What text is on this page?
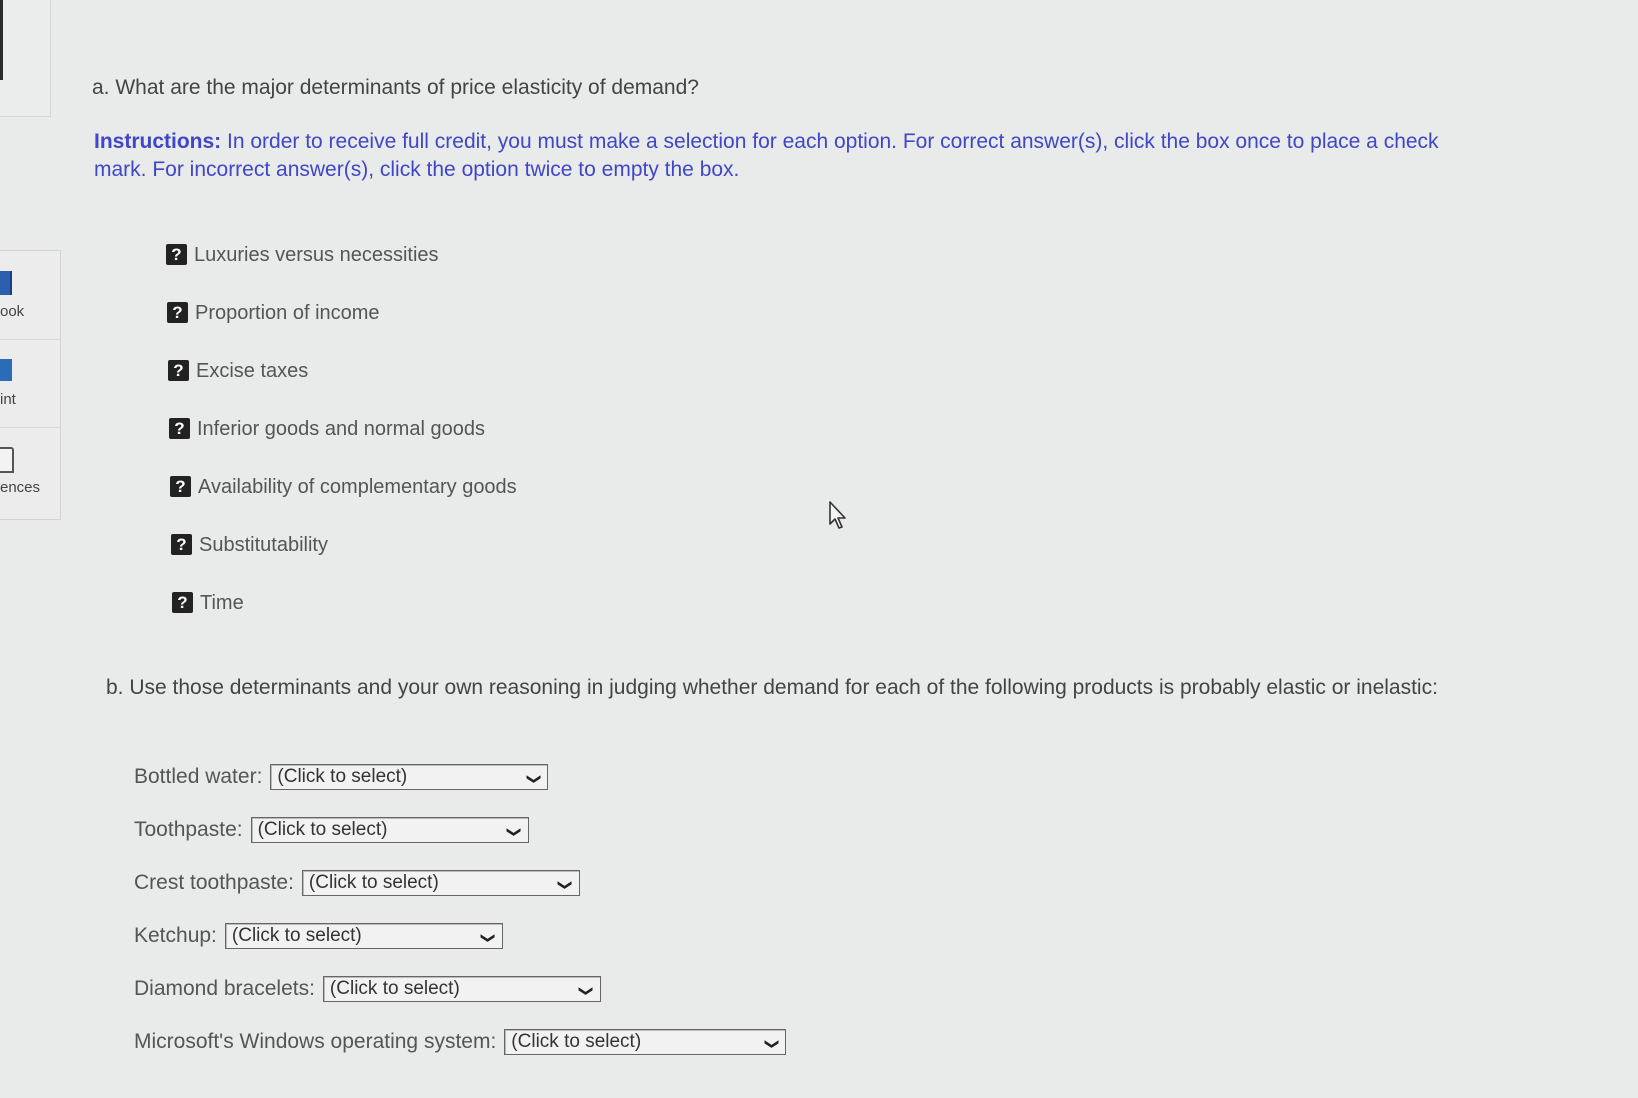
ook
int
ences
a. What are the major determinants of price elasticity of demand?
Instructions: In order to receive full credit, you must make a selection for each option. For correct answer(s), click the box once to place a check mark. For incorrect answer(s), click the option twice to empty the box.
? Luxuries versus necessities
? Proportion of income
? Excise taxes
? Inferior goods and normal goods
? Availability of complementary goods
? Substitutability
? Time
b. Use those determinants and your own reasoning in judging whether demand for each of the following products is probably elastic or inelastic:
Bottled water: (Click to select)	❯
Toothpaste: (Click to select)	❯
Crest toothpaste: (Click to select)	❯
Ketchup: (Click to select)	❯
Diamond bracelets: (Click to select)	❯
Microsoft's Windows operating system: (Click to select)	❯
